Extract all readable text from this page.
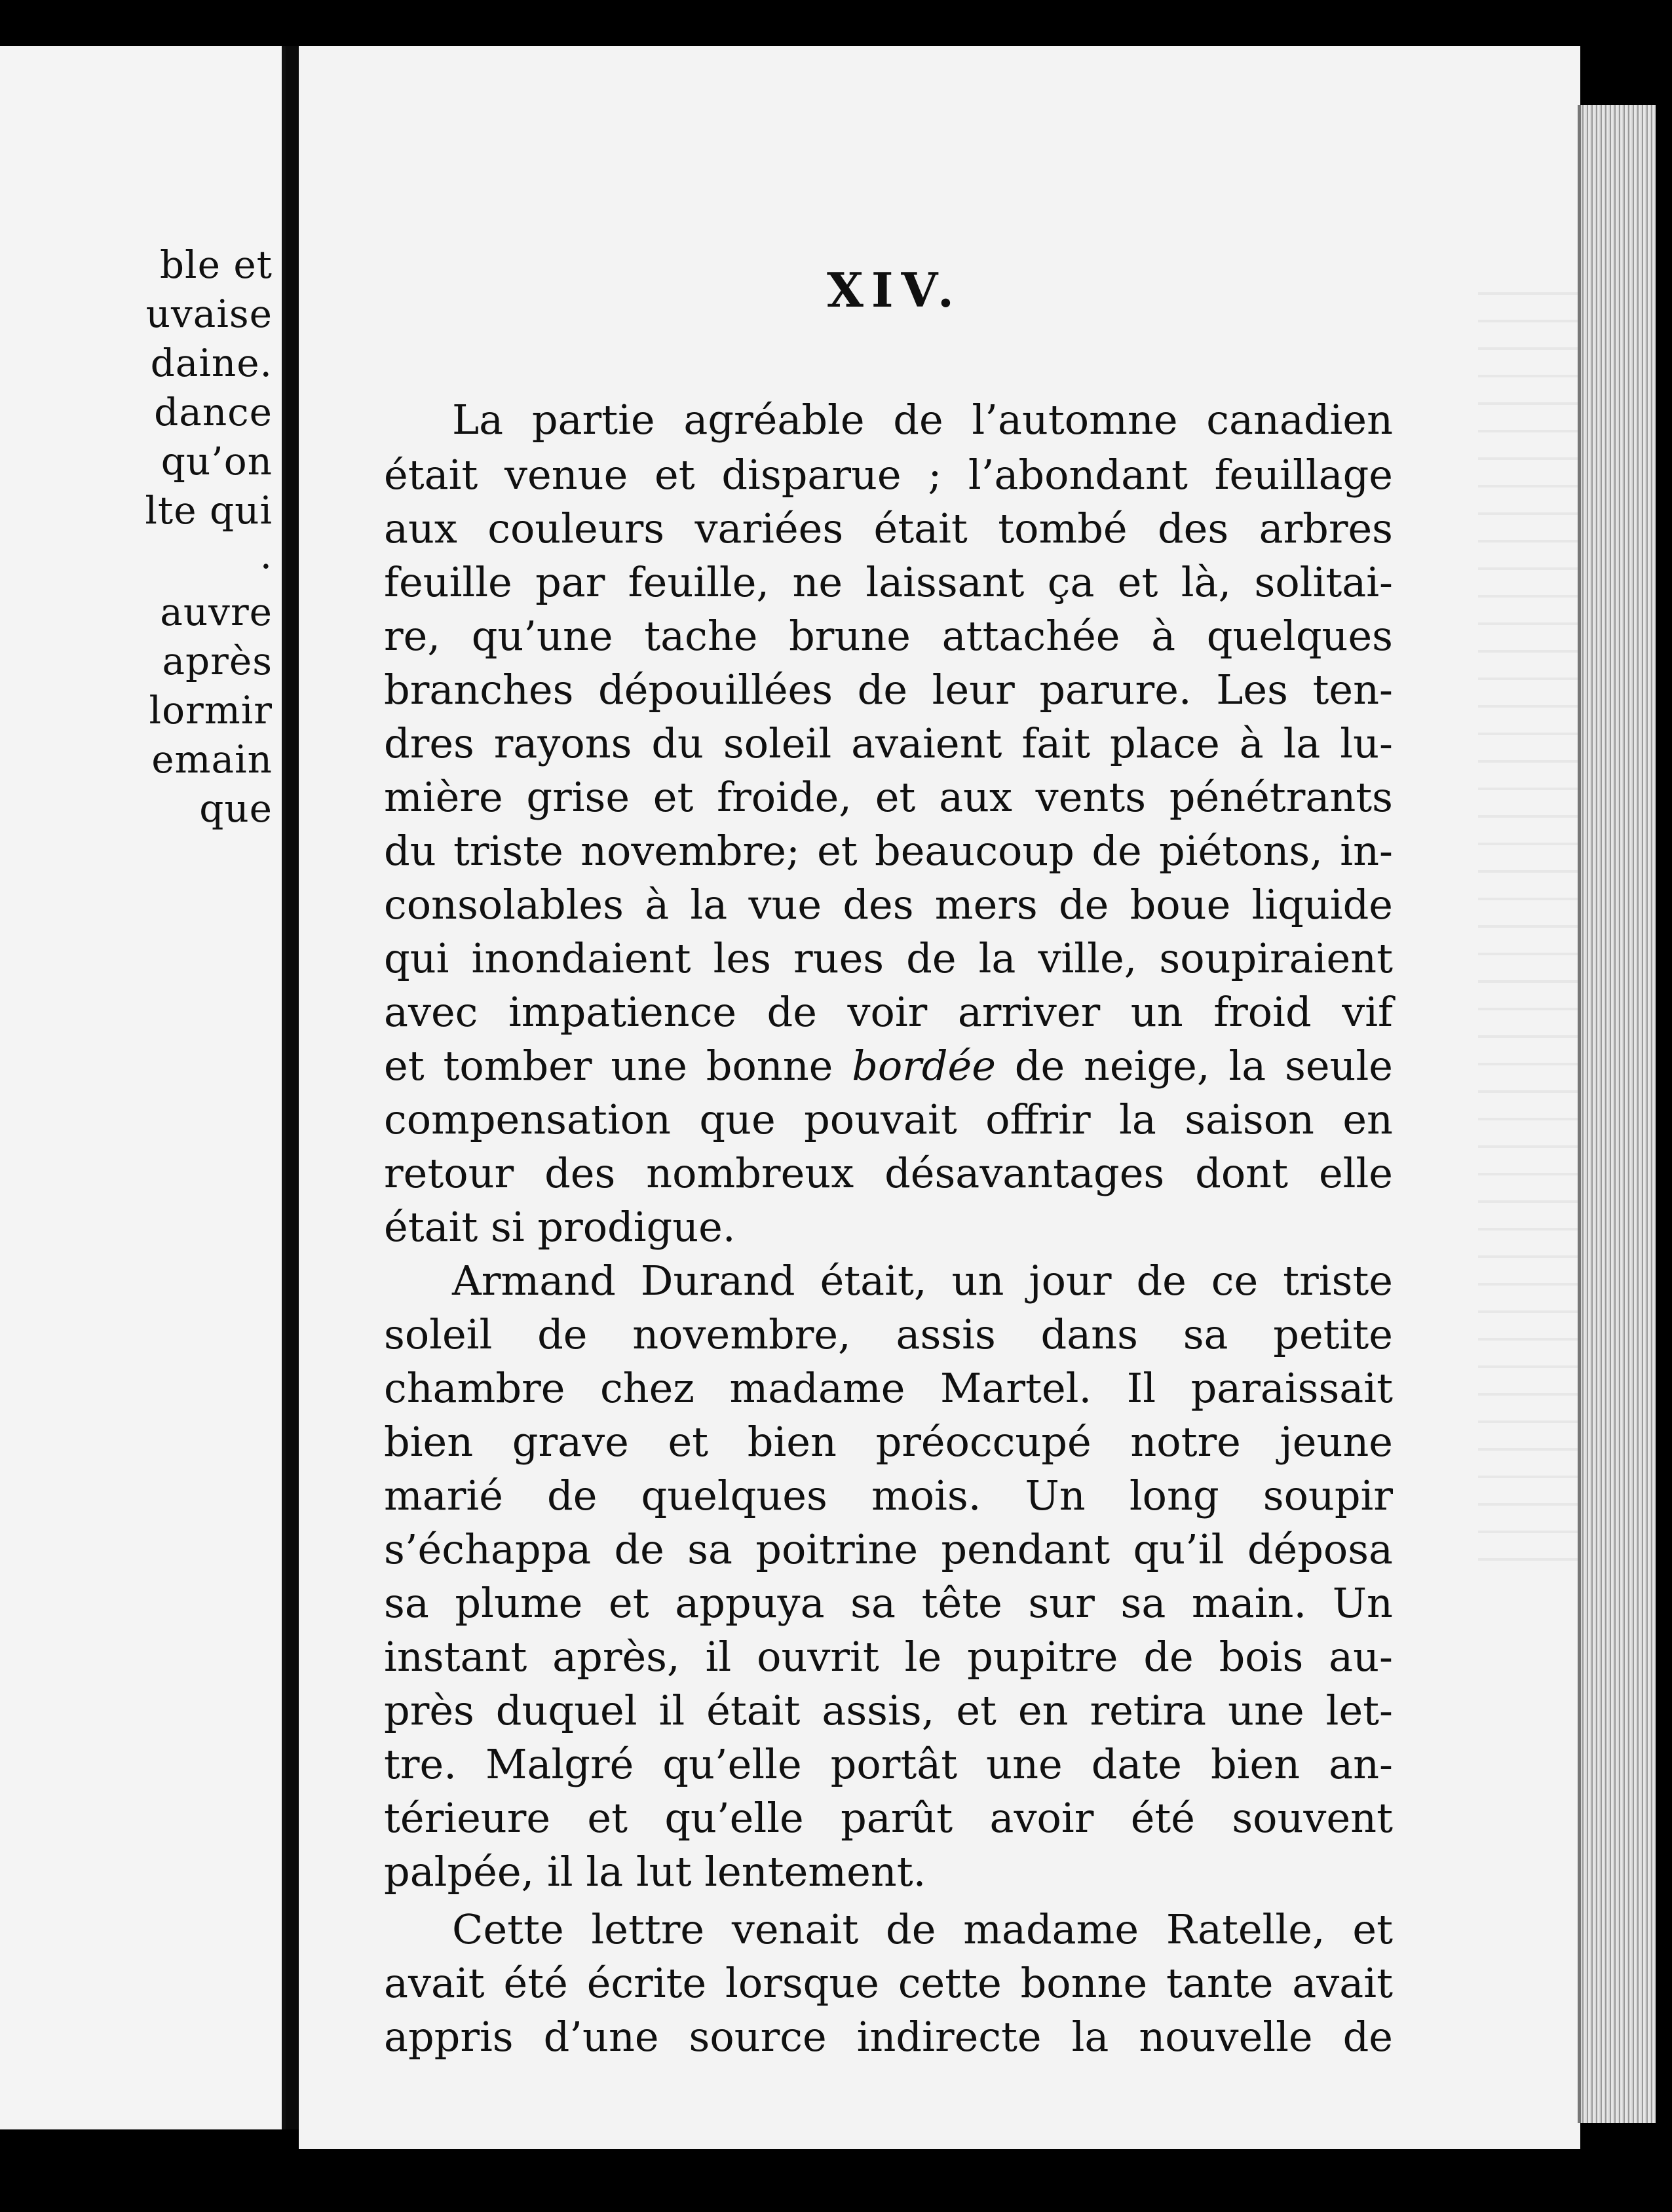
ble et
uvaise
daine.
dance
qu’on
lte qui
.
auvre
après
lormir
emain
que
XIV.
La partie agréable de l’automne canadien
était venue et disparue ; l’abondant feuillage
aux couleurs variées était tombé des arbres
feuille par feuille, ne laissant ça et là, solitai-
re, qu’une tache brune attachée à quelques
branches dépouillées de leur parure. Les ten-
dres rayons du soleil avaient fait place à la lu-
mière grise et froide, et aux vents pénétrants
du triste novembre; et beaucoup de piétons, in-
consolables à la vue des mers de boue liquide
qui inondaient les rues de la ville, soupiraient
avec impatience de voir arriver un froid vif
et tomber une bonne bordée de neige, la seule
compensation que pouvait offrir la saison en
retour des nombreux désavantages dont elle
était si prodigue.
Armand Durand était, un jour de ce triste
soleil de novembre, assis dans sa petite
chambre chez madame Martel. Il paraissait
bien grave et bien préoccupé notre jeune
marié de quelques mois. Un long soupir
s’échappa de sa poitrine pendant qu’il déposa
sa plume et appuya sa tête sur sa main. Un
instant après, il ouvrit le pupitre de bois au-
près duquel il était assis, et en retira une let-
tre. Malgré qu’elle portât une date bien an-
térieure et qu’elle parût avoir été souvent
palpée, il la lut lentement.
Cette lettre venait de madame Ratelle, et
avait été écrite lorsque cette bonne tante avait
appris d’une source indirecte la nouvelle de
